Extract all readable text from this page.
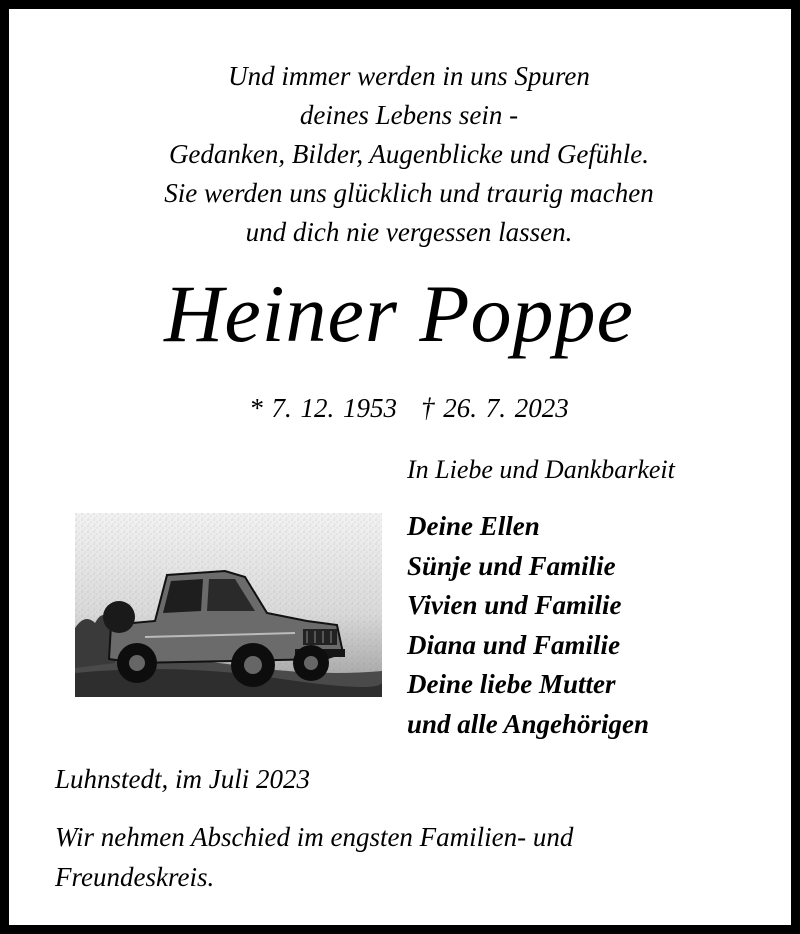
Und immer werden in uns Spuren
deines Lebens sein -
Gedanken, Bilder, Augenblicke und Gefühle.
Sie werden uns glücklich und traurig machen
und dich nie vergessen lassen.
Heiner Poppe
* 7. 12. 1953 † 26. 7. 2023
In Liebe und Dankbarkeit
Deine Ellen
Sünje und Familie
Vivien und Familie
Diana und Familie
Deine liebe Mutter
und alle Angehörigen
Luhnstedt, im Juli 2023
Wir nehmen Abschied im engsten Familien- und
Freundeskreis.
